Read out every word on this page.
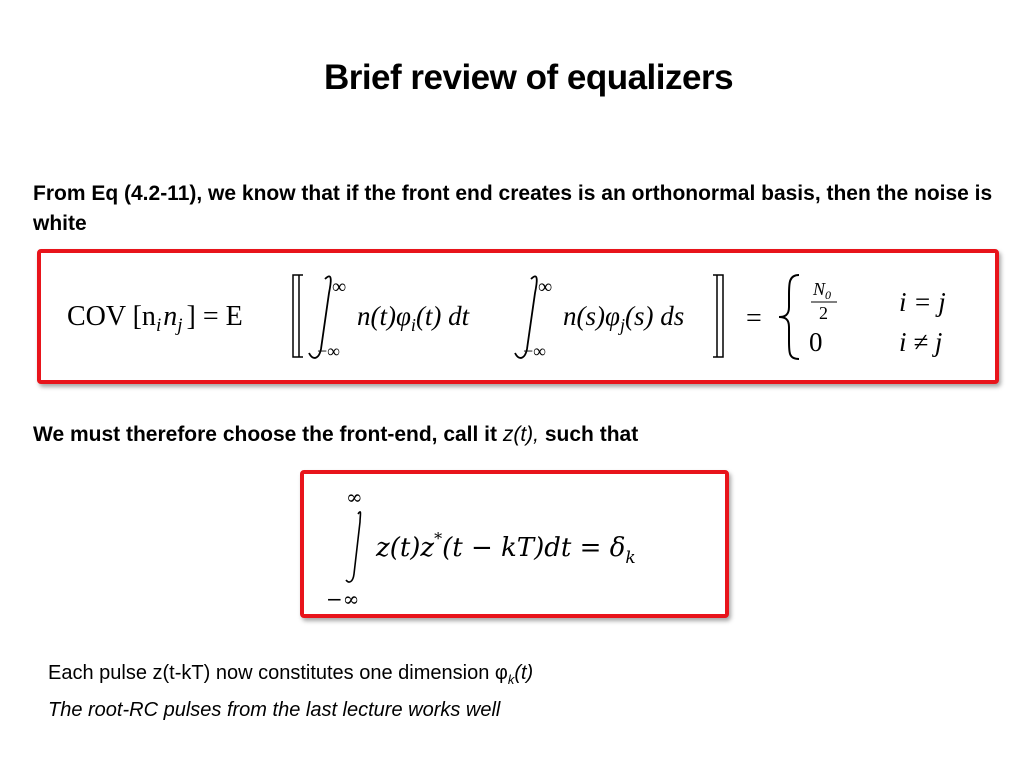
Brief review of equalizers
From Eq (4.2-11), we know that if the front end creates is an orthonormal basis, then the noise is white
COV [$n_in_j$ ] = E
∞
−∞
$n(t)\varphi_i(t)$ dt
∞
−∞
$n(s)\varphi_j(s)$ ds =
$N_0$
2	i = j
0	i ≠ j
We must therefore choose the front-end, call it z(t), such that
∞
−∞
$z(t)z^*(t - kT)dt = \delta_k$
Each pulse z(t-kT) now constitutes one dimension $\varphi_k(t)$
The root-RC pulses from the last lecture works well
